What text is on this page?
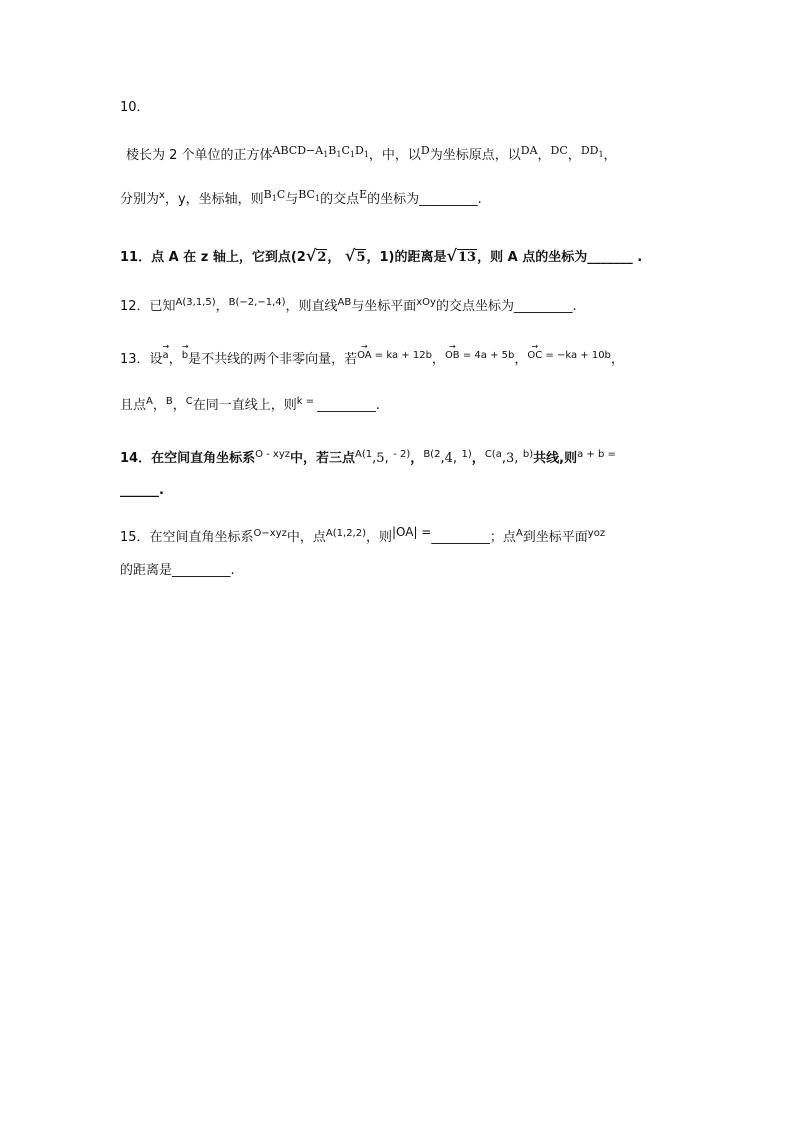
10．
棱长为 2 个单位的正方体$^{ABCD-A_1B_1C_1D_1}$，中，以$^D$为坐标原点，以$^{DA}$，$^{DC}$，$^{DD_1}$，
分别为$^x$，y，坐标轴，则$^{B_1C}$与$^{BC_1}$的交点$^E$的坐标为_________.
11．点 A 在 z 轴上，它到点(2√2， √5，1)的距离是√13，则 A 点的坐标为_______ .
12．已知$^{A(3,1,5)}$，$^{B(-2,-1,4)}$，则直线$^{AB}$与坐标平面$^{xOy}$的交点坐标为_________.
13．设→ a，→ b是不共线的两个非零向量，若→ $^{OA = ka + 12b}$，→ $^{OB = 4a + 5b}$，→ $^{OC = -ka + 10b}$，
且点$^A$，$^B$，$^C$在同一直线上，则$^{k =}$ _________.
14．在空间直角坐标系$^{O - xyz}$中，若三点$^{A(1}$,5, $^{- 2)}$，$^{B(2}$,4, $^{1)}$，$^{C(a}$,3, $^{b)}$共线,则$^{a + b =}$
______.
15．在空间直角坐标系$^{O-xyz}$中，点$^{A(1,2,2)}$，则|OA| =_________；点$^A$到坐标平面$^{yoz}$
的距离是_________.
